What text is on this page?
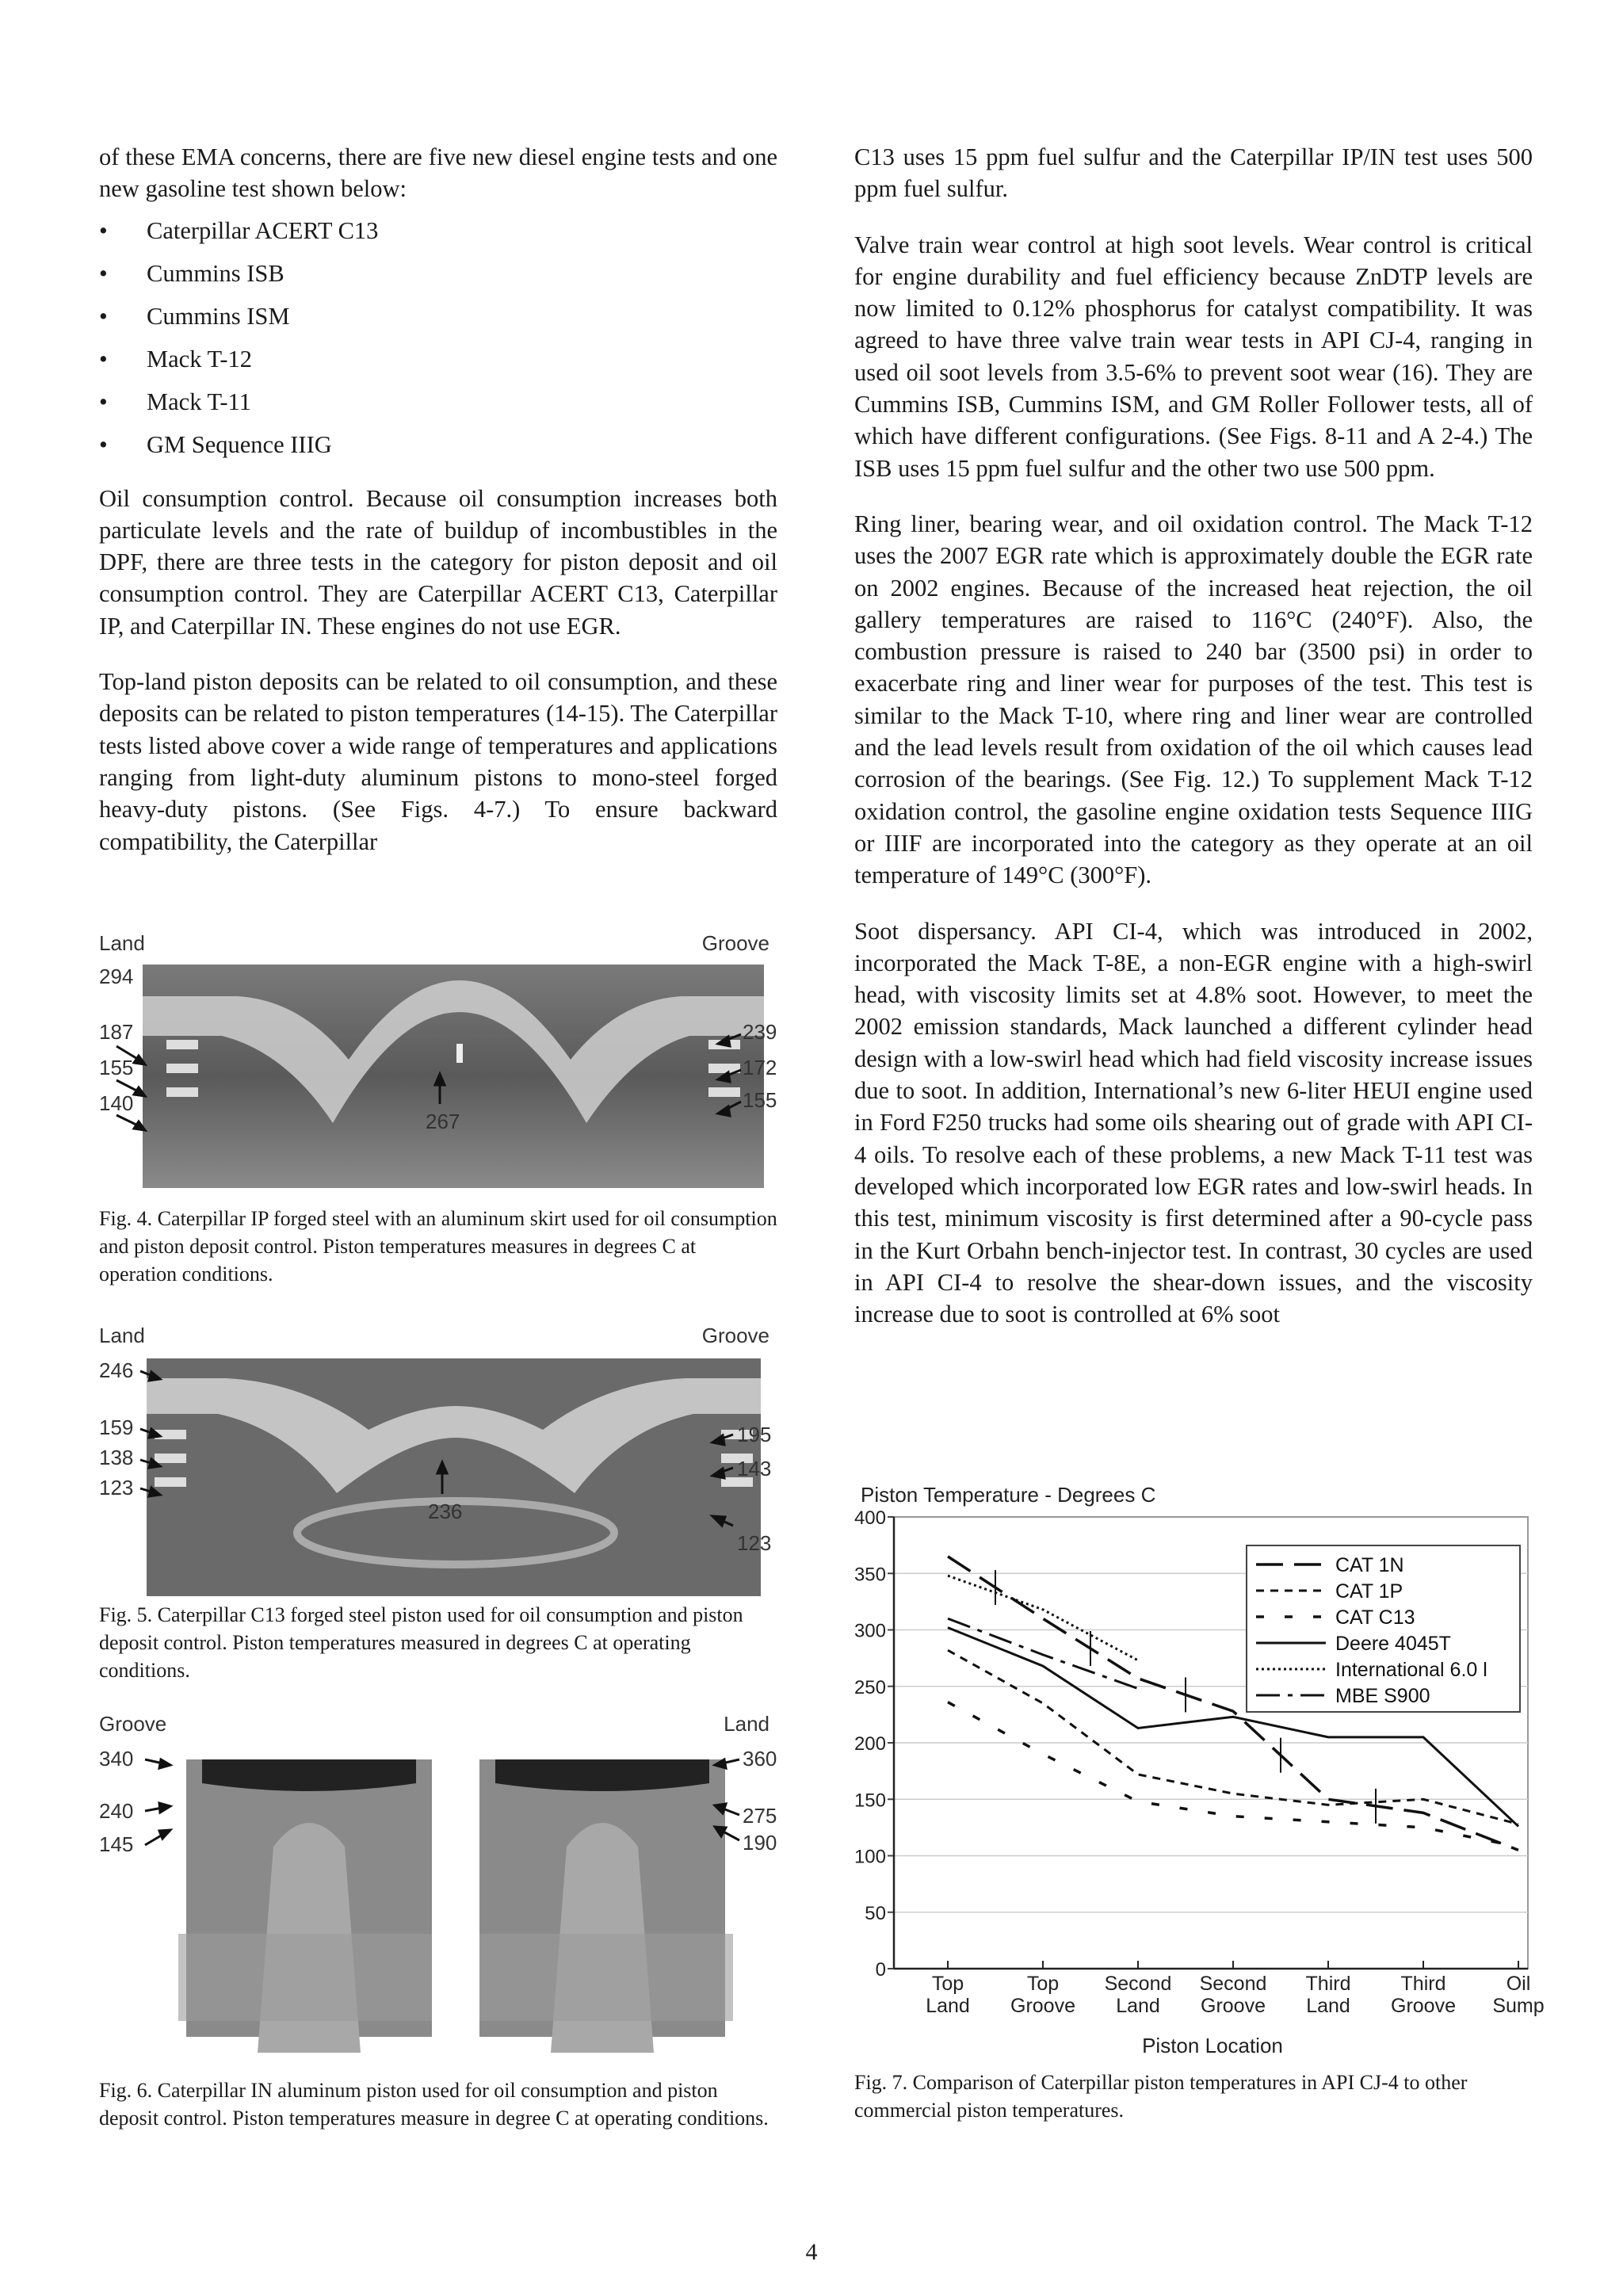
of these EMA concerns, there are five new diesel engine tests and one new gasoline test shown below:

• Caterpillar ACERT C13
• Cummins ISB
• Cummins ISM
• Mack T-12
• Mack T-11
• GM Sequence IIIG

Oil consumption control. Because oil consumption increases both particulate levels and the rate of buildup of incombustibles in the DPF, there are three tests in the category for piston deposit and oil consumption control. They are Caterpillar ACERT C13, Caterpillar IP, and Caterpillar IN. These engines do not use EGR.

Top-land piston deposits can be related to oil consumption, and these deposits can be related to piston temperatures (14-15). The Caterpillar tests listed above cover a wide range of temperatures and applications ranging from light-duty aluminum pistons to mono-steel forged heavy-duty pistons. (See Figs. 4-7.) To ensure backward compatibility, the Caterpillar

Land	Groove
294
187
155
140
267
239
172
155

Fig. 4. Caterpillar IP forged steel with an aluminum skirt used for oil consumption and piston deposit control. Piston temperatures measures in degrees C at operation conditions.

Land	Groove
246
159
138
123
236
195
143
123

Fig. 5. Caterpillar C13 forged steel piston used for oil consumption and piston deposit control. Piston temperatures measured in degrees C at operating conditions.

Groove	Land
340
240
145
360
275
190

Fig. 6. Caterpillar IN aluminum piston used for oil consumption and piston deposit control. Piston temperatures measure in degree C at operating conditions.

C13 uses 15 ppm fuel sulfur and the Caterpillar IP/IN test uses 500 ppm fuel sulfur.

Valve train wear control at high soot levels. Wear control is critical for engine durability and fuel efficiency because ZnDTP levels are now limited to 0.12% phosphorus for catalyst compatibility. It was agreed to have three valve train wear tests in API CJ-4, ranging in used oil soot levels from 3.5-6% to prevent soot wear (16). They are Cummins ISB, Cummins ISM, and GM Roller Follower tests, all of which have different configurations. (See Figs. 8-11 and A 2-4.) The ISB uses 15 ppm fuel sulfur and the other two use 500 ppm.

Ring liner, bearing wear, and oil oxidation control. The Mack T-12 uses the 2007 EGR rate which is approximately double the EGR rate on 2002 engines. Because of the increased heat rejection, the oil gallery temperatures are raised to 116°C (240°F). Also, the combustion pressure is raised to 240 bar (3500 psi) in order to exacerbate ring and liner wear for purposes of the test. This test is similar to the Mack T-10, where ring and liner wear are controlled and the lead levels result from oxidation of the oil which causes lead corrosion of the bearings. (See Fig. 12.) To supplement Mack T-12 oxidation control, the gasoline engine oxidation tests Sequence IIIG or IIIF are incorporated into the category as they operate at an oil temperature of 149°C (300°F).

Soot dispersancy. API CI-4, which was introduced in 2002, incorporated the Mack T-8E, a non-EGR engine with a high-swirl head, with viscosity limits set at 4.8% soot. However, to meet the 2002 emission standards, Mack launched a different cylinder head design with a low-swirl head which had field viscosity increase issues due to soot. In addition, International’s new 6-liter HEUI engine used in Ford F250 trucks had some oils shearing out of grade with API CI-4 oils. To resolve each of these problems, a new Mack T-11 test was developed which incorporated low EGR rates and low-swirl heads. In this test, minimum viscosity is first determined after a 90-cycle pass in the Kurt Orbahn bench-injector test. In contrast, 30 cycles are used in API CI-4 to resolve the shear-down issues, and the viscosity increase due to soot is controlled at 6% soot

Piston Temperature - Degrees C
Piston Location
0
50
100
150
200
250
300
350
400
Top
Land
Top
Groove
Second
Land
Second
Groove
Third
Land
Third
Groove
Oil
Sump
CAT 1N
CAT 1P
CAT C13
Deere 4045T
International 6.0 l
MBE S900

Fig. 7. Comparison of Caterpillar piston temperatures in API CJ-4 to other commercial piston temperatures.

4
